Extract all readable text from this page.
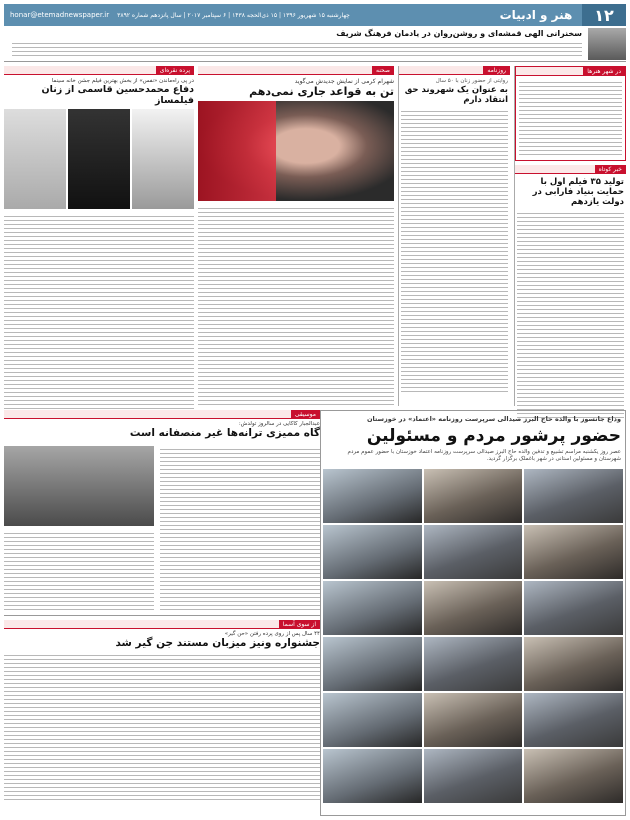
۱۲
هنر و ادبیات
چهارشنبه ۱۵ شهریور ۱۳۹۶ | ۱۵ ذی‌الحجه ۱۴۳۸ | ۶ سپتامبر ۲۰۱۷ | سال پانزدهم شماره ۳۸۹۲
honar@etemadnewspaper.ir
سخنرانی الهی قمشه‌ای و روشن‌روان در یادمان فرهنگ شریف
در شهر هنرها
خبر کوتاه
تولید ۳۵ فیلم اول با حمایت بنیاد فارابی در دولت یازدهم
روزنامه
روایتی از حضور زنان با ۵۰ سال
به عنوان یک شهروند حق انتقاد دارم
صحنه
شهرام کرمی از نمایش جدیدش می‌گوید
تن به قواعد جاری نمی‌دهم
پرده نقره‌ای
در پی راه‌ماندن «نفس» از بخش بهترین فیلم جشن خانه سینما
دفاع محمدحسین قاسمی از زنان فیلمساز
وداع جانسوز با والده حاج البرز صیدالی سرپرست روزنامه «اعتماد» در خوزستان
حضور پرشور مردم و مسئولین
عصر روز یکشنبه مراسم تشییع و تدفین والده حاج البرز صیدالی سرپرست روزنامه اعتماد خوزستان با حضور عموم مردم شهرستان و مسئولین استانی در شهر باغملک برگزار گردید.
موسیقی
عبدالجبار کاکایی در سالروز تولدش:
گاه ممیزی ترانه‌ها غیر منصفانه است
از سوی آسما
۴۴ سال پس از روی پرده رفتن «حن گیر»
جشنواره ونیز میزبان مستند جن گیر شد
